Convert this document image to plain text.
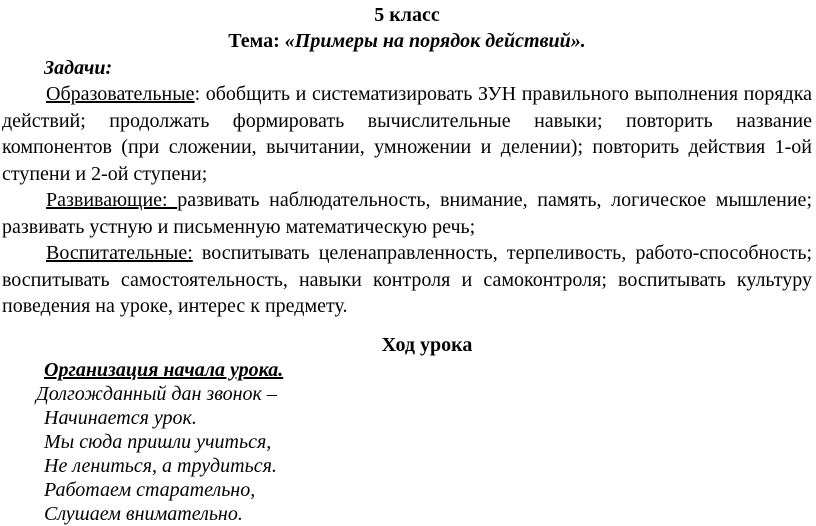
5 класс
Тема: «Примеры на порядок действий».
Задачи:

Образовательные: обобщить и систематизировать ЗУН правильного выполнения порядка действий; продолжать формировать вычислительные навыки; повторить название компонентов (при сложении, вычитании, умножении и делении); повторить действия 1-ой ступени и 2-ой ступени;

Развивающие: развивать наблюдательность, внимание, память, логическое мышление; развивать устную и письменную математическую речь;

Воспитательные: воспитывать целенаправленность, терпеливость, работо-способность; воспитывать самостоятельность, навыки контроля и самоконтроля; воспитывать культуру поведения на уроке, интерес к предмету.

Ход урока
Организация начала урока.
Долгожданный дан звонок –
Начинается урок.
Мы сюда пришли учиться,
Не лениться, а трудиться.
Работаем старательно,
Слушаем внимательно.
